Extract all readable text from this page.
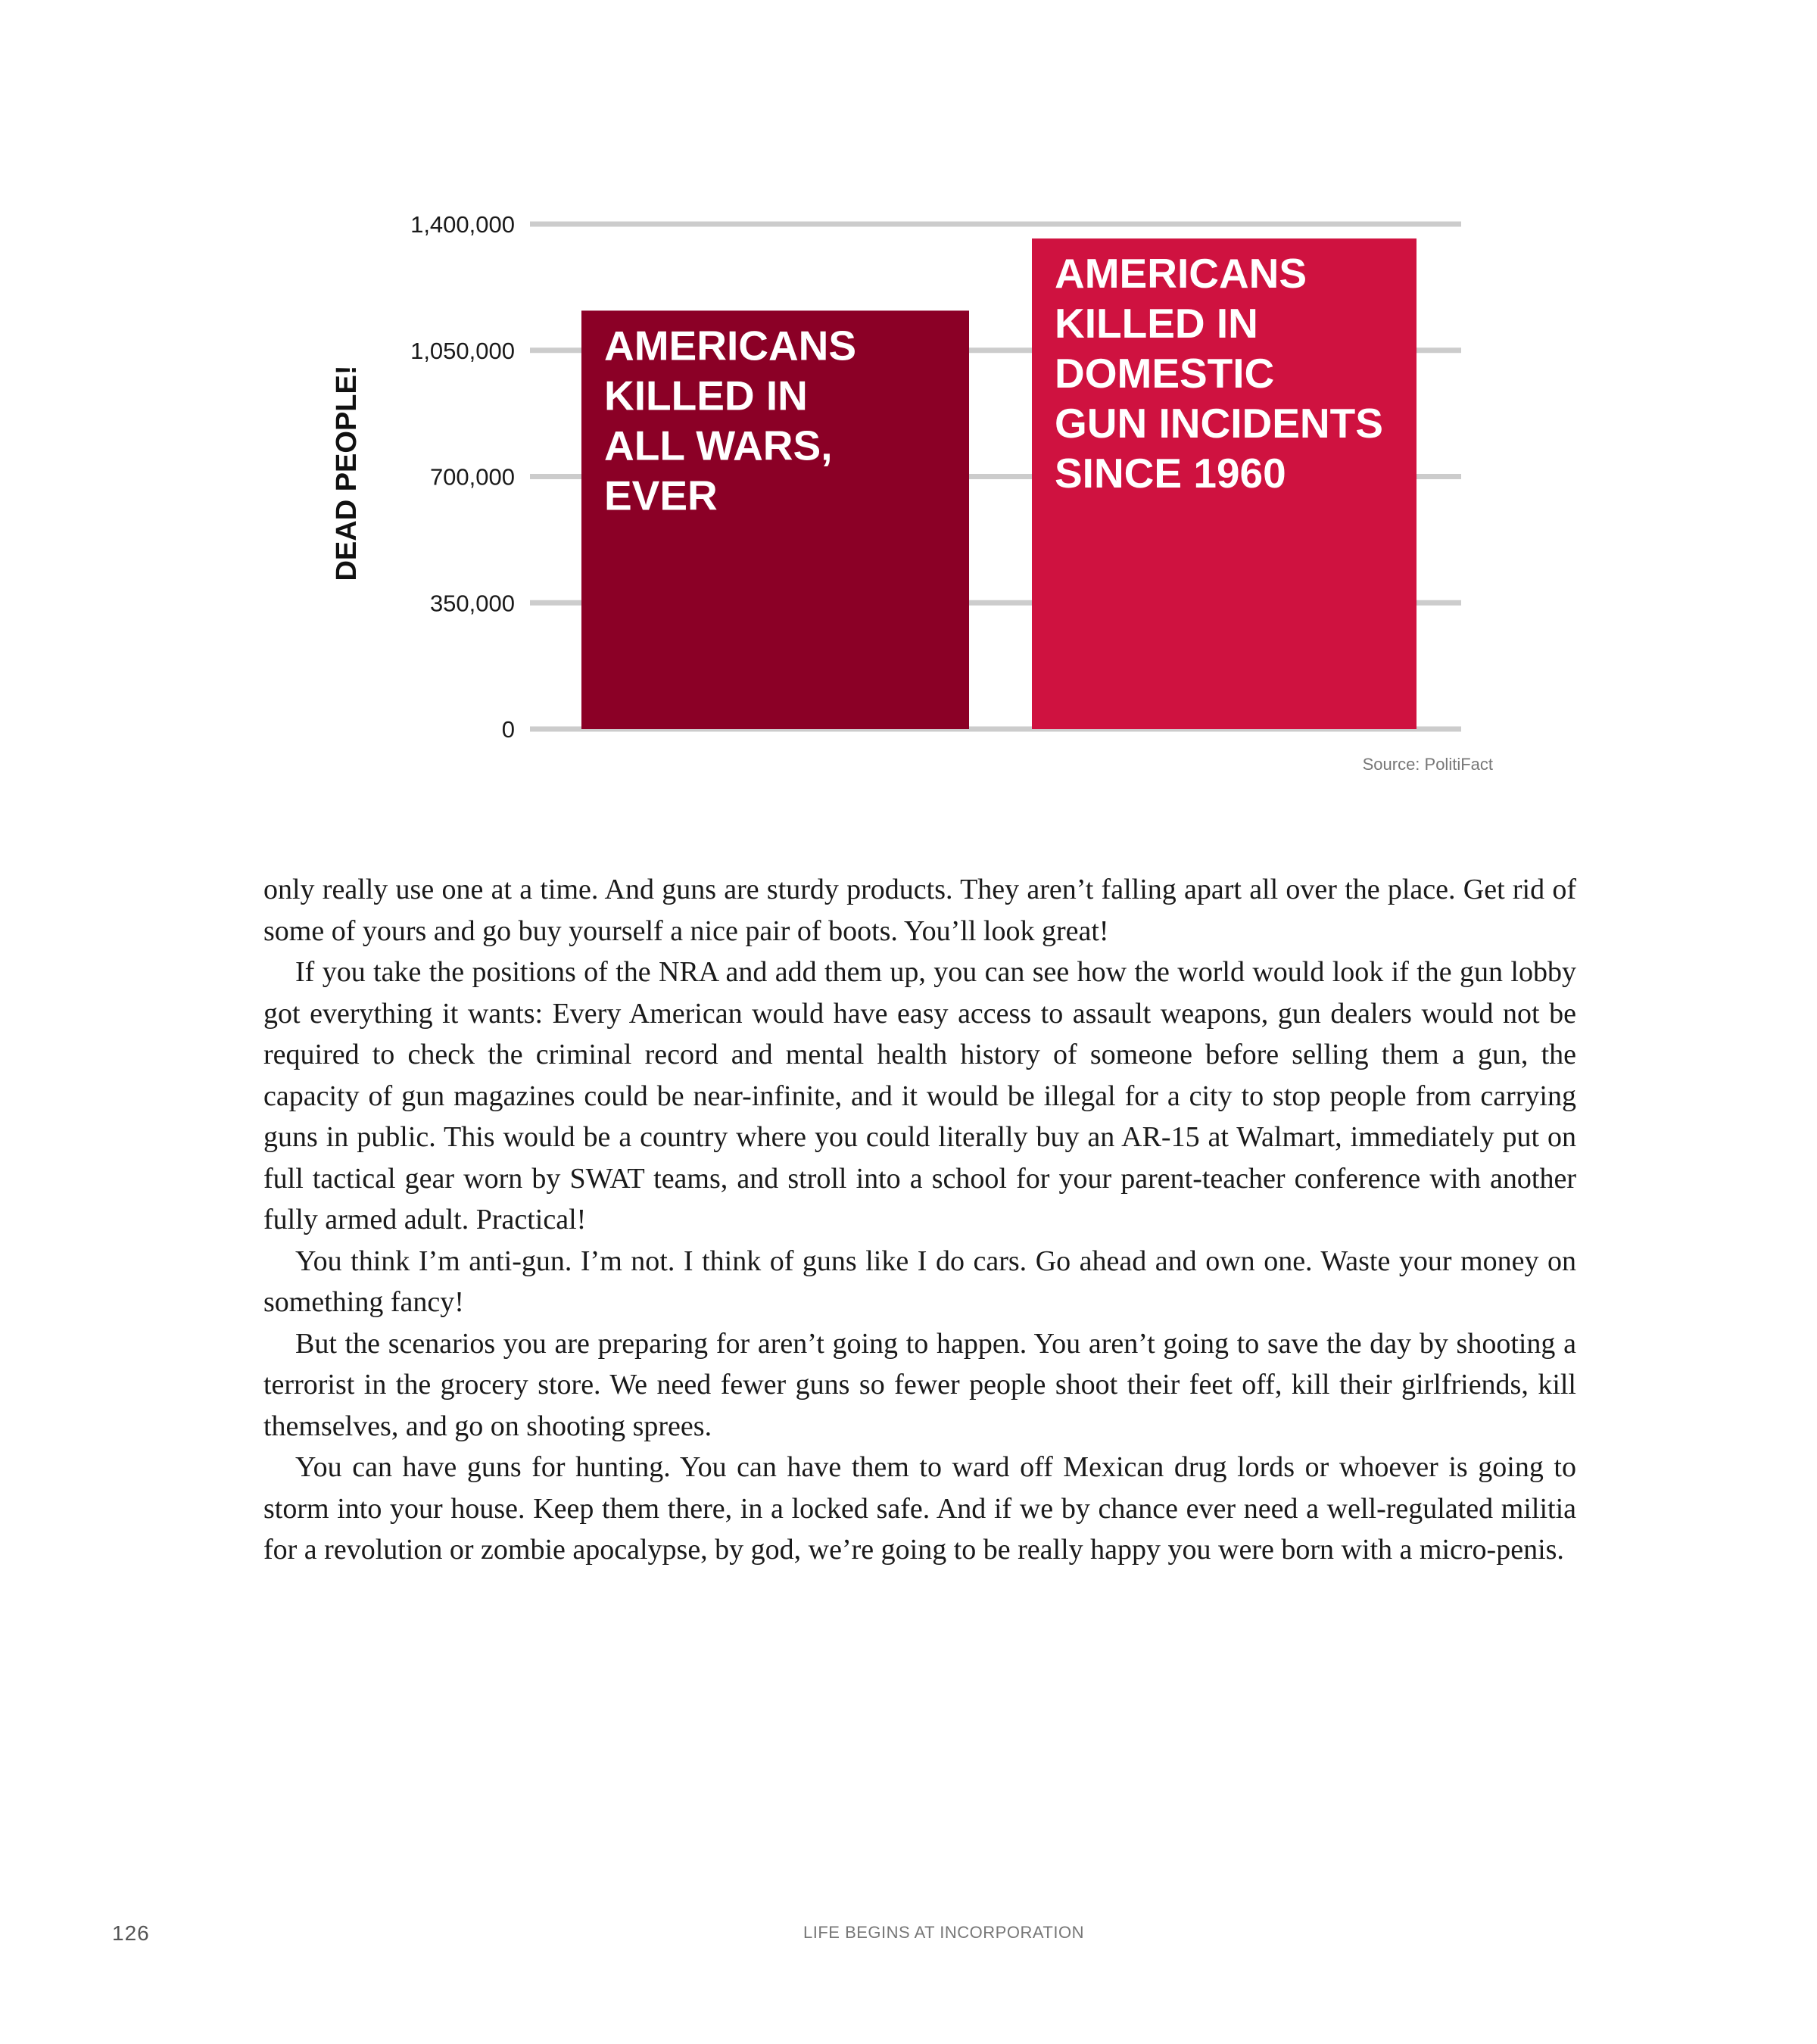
0
350,000
700,000
1,050,000
1,400,000
DEAD PEOPLE!
AMERICANS KILLED IN ALL WARS, EVER
AMERICANS KILLED IN DOMESTIC GUN INCIDENTS SINCE 1960
Source: PolitiFact

only really use one at a time. And guns are sturdy products. They aren’t falling apart all over the place. Get rid of some of yours and go buy yourself a nice pair of boots. You’ll look great!

If you take the positions of the NRA and add them up, you can see how the world would look if the gun lobby got everything it wants: Every American would have easy access to assault weapons, gun dealers would not be required to check the criminal record and mental health history of someone before selling them a gun, the capacity of gun magazines could be near-infinite, and it would be illegal for a city to stop people from carrying guns in public. This would be a country where you could literally buy an AR-15 at Walmart, immediately put on full tactical gear worn by SWAT teams, and stroll into a school for your parent-teacher conference with another fully armed adult. Practical!

You think I’m anti-gun. I’m not. I think of guns like I do cars. Go ahead and own one. Waste your money on something fancy!

But the scenarios you are preparing for aren’t going to happen. You aren’t going to save the day by shooting a terrorist in the grocery store. We need fewer guns so fewer people shoot their feet off, kill their girlfriends, kill themselves, and go on shooting sprees.

You can have guns for hunting. You can have them to ward off Mexican drug lords or whoever is going to storm into your house. Keep them there, in a locked safe. And if we by chance ever need a well-regulated militia for a revolution or zombie apocalypse, by god, we’re going to be really happy you were born with a micro-penis.

126	LIFE BEGINS AT INCORPORATION
